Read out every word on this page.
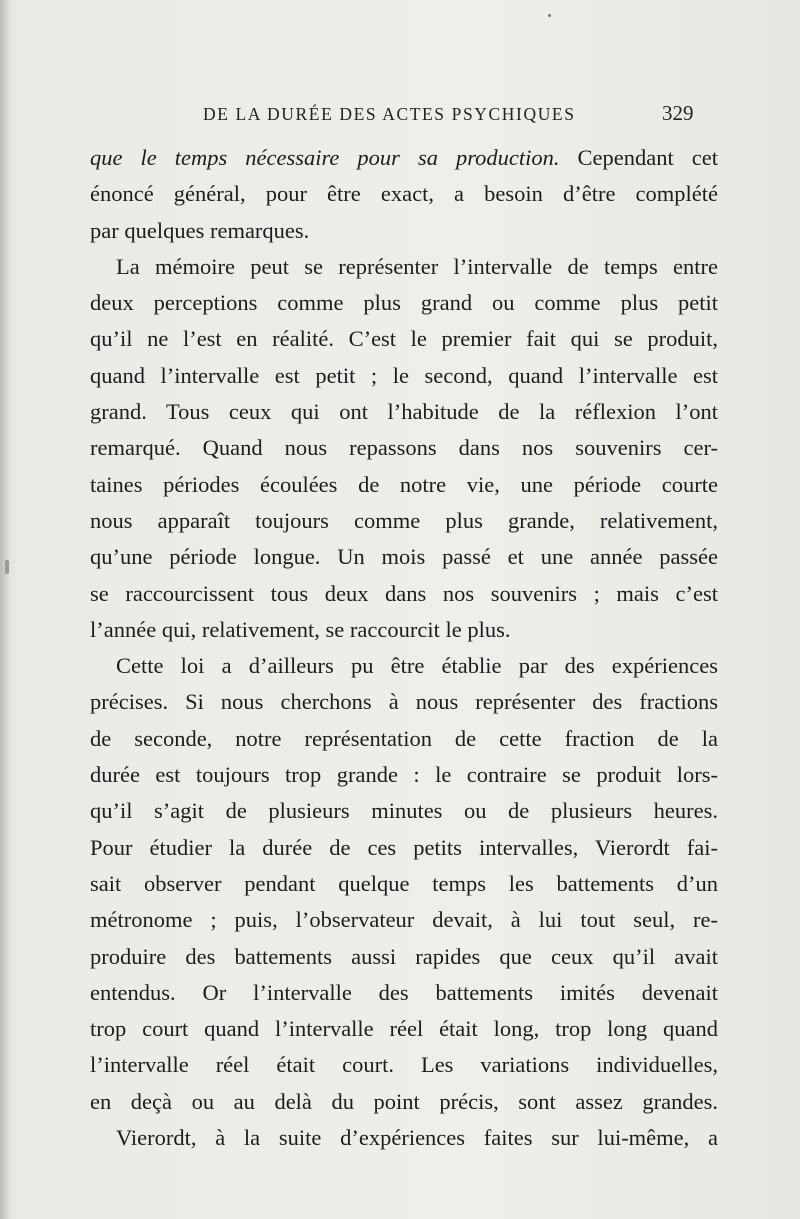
DE LA DURÉE DES ACTES PSYCHIQUES	329
que le temps nécessaire pour sa production. Cependant cet
énoncé général, pour être exact, a besoin d’être complété
par quelques remarques.
La mémoire peut se représenter l’intervalle de temps entre
deux perceptions comme plus grand ou comme plus petit
qu’il ne l’est en réalité. C’est le premier fait qui se produit,
quand l’intervalle est petit ; le second, quand l’intervalle est
grand. Tous ceux qui ont l’habitude de la réflexion l’ont
remarqué. Quand nous repassons dans nos souvenirs cer-
taines périodes écoulées de notre vie, une période courte
nous apparaît toujours comme plus grande, relativement,
qu’une période longue. Un mois passé et une année passée
se raccourcissent tous deux dans nos souvenirs ; mais c’est
l’année qui, relativement, se raccourcit le plus.
Cette loi a d’ailleurs pu être établie par des expériences
précises. Si nous cherchons à nous représenter des fractions
de seconde, notre représentation de cette fraction de la
durée est toujours trop grande : le contraire se produit lors-
qu’il s’agit de plusieurs minutes ou de plusieurs heures.
Pour étudier la durée de ces petits intervalles, Vierordt fai-
sait observer pendant quelque temps les battements d’un
métronome ; puis, l’observateur devait, à lui tout seul, re-
produire des battements aussi rapides que ceux qu’il avait
entendus. Or l’intervalle des battements imités devenait
trop court quand l’intervalle réel était long, trop long quand
l’intervalle réel était court. Les variations individuelles,
en deçà ou au delà du point précis, sont assez grandes.
Vierordt, à la suite d’expériences faites sur lui-même, a
